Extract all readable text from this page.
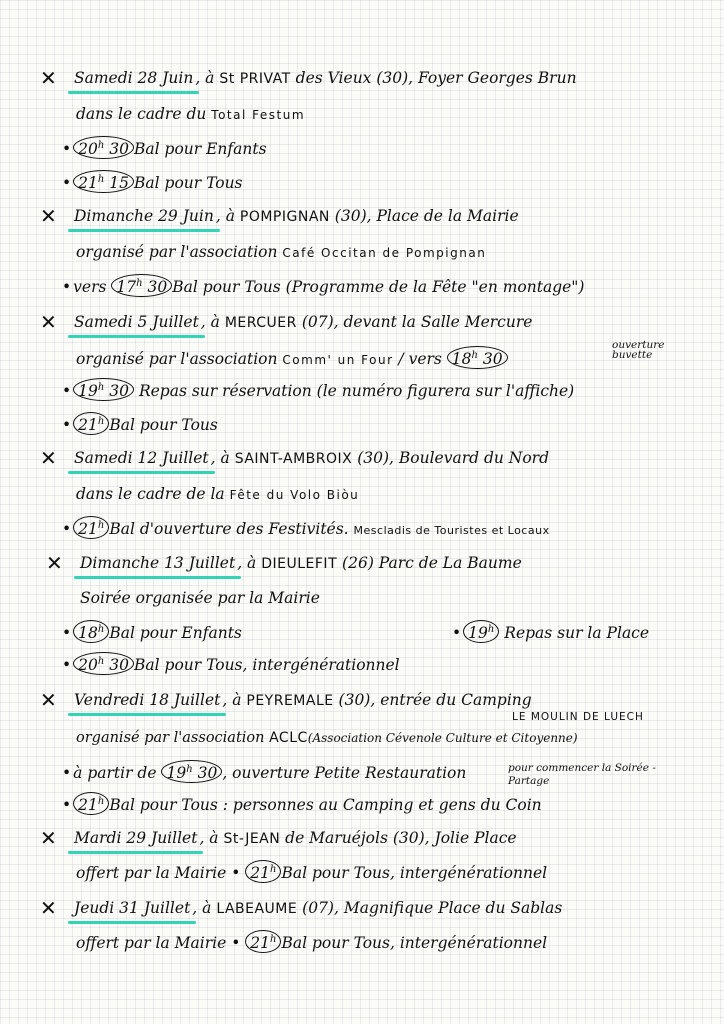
✕ Samedi 28 Juin , à St PRIVAT des Vieux (30), Foyer Georges Brun
dans le cadre du Total Festum
• 20$^h$ 30 Bal pour Enfants
• 21$^h$ 15 Bal pour Tous
✕ Dimanche 29 Juin , à POMPIGNAN (30), Place de la Mairie
organisé par l'association Café Occitan de Pompignan
• vers 17$^h$ 30 Bal pour Tous (Programme de la Fête "en montage")
✕ Samedi 5 Juillet , à MERCUER (07), devant la Salle Mercure
organisé par l'association Comm' un Four / vers 18$^h$ 30
ouverture buvette
• 19$^h$ 30 Repas sur réservation (le numéro figurera sur l'affiche)
• 21$^h$ Bal pour Tous
✕ Samedi 12 Juillet , à SAINT-AMBROIX (30), Boulevard du Nord
dans le cadre de la Fête du Volo Biòu
• 21$^h$ Bal d'ouverture des Festivités. Mescladis de Touristes et Locaux
✕ Dimanche 13 Juillet , à DIEULEFIT (26) Parc de La Baume
Soirée organisée par la Mairie
• 18$^h$ Bal pour Enfants	• 19$^h$ Repas sur la Place
• 20$^h$ 30 Bal pour Tous, intergénérationnel
✕ Vendredi 18 Juillet , à PEYREMALE (30), entrée du Camping
LE MOULIN DE LUECH
organisé par l'association ACLC(Association Cévenole Culture et Citoyenne)
• à partir de 19$^h$ 30 , ouverture Petite Restauration	pour commencer la Soirée - Partage
• 21$^h$ Bal pour Tous : personnes au Camping et gens du Coin
✕ Mardi 29 Juillet , à St-JEAN de Maruéjols (30), Jolie Place
offert par la Mairie • 21$^h$ Bal pour Tous, intergénérationnel
✕ Jeudi 31 Juillet , à LABEAUME (07), Magnifique Place du Sablas
offert par la Mairie • 21$^h$ Bal pour Tous, intergénérationnel
